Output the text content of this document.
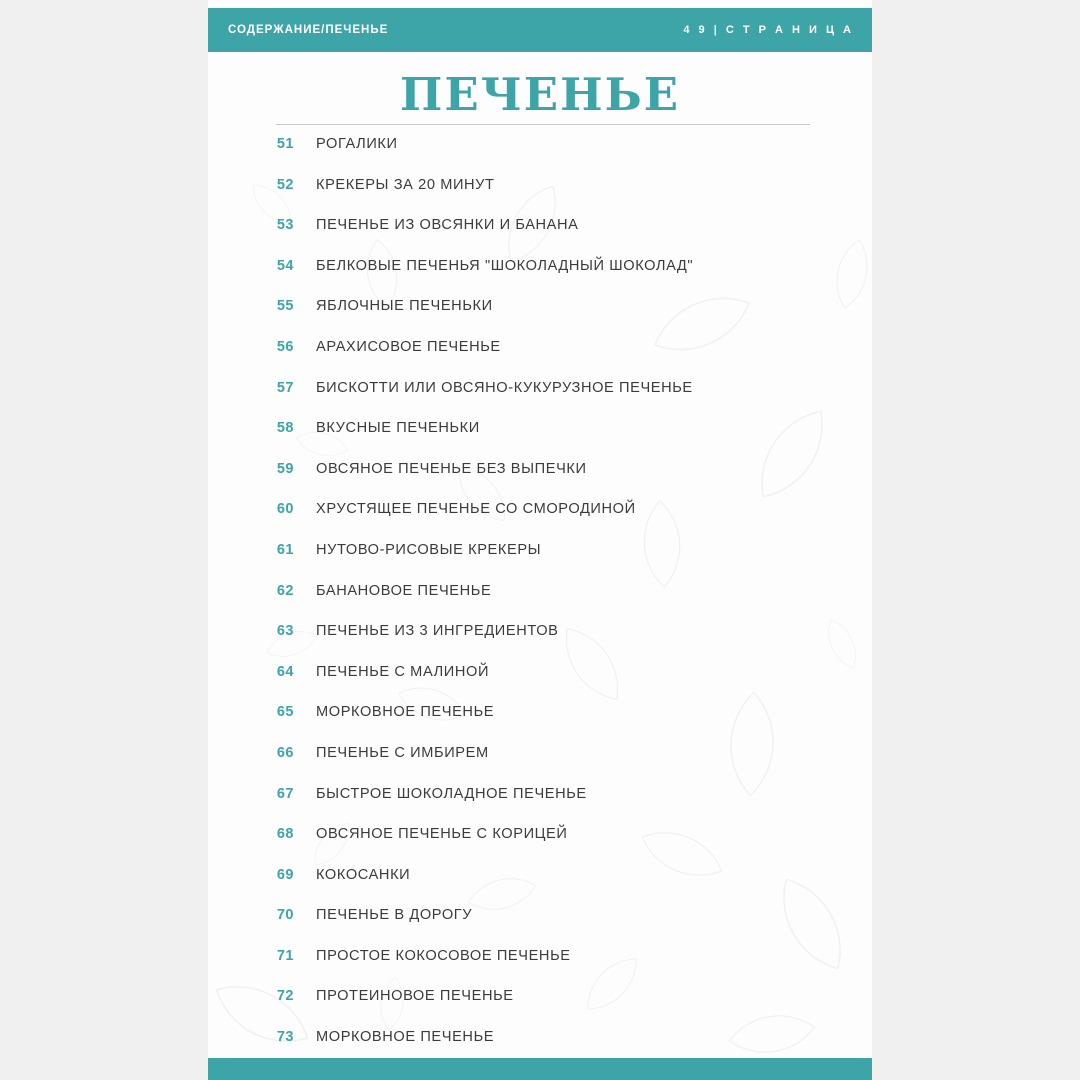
СОДЕРЖАНИЕ/ПЕЧЕНЬЕ	4 9 | С Т Р А Н И Ц А
ПЕЧЕНЬЕ
51	РОГАЛИКИ
52	КРЕКЕРЫ ЗА 20 МИНУТ
53	ПЕЧЕНЬЕ ИЗ ОВСЯНКИ И БАНАНА
54	БЕЛКОВЫЕ ПЕЧЕНЬЯ "ШОКОЛАДНЫЙ ШОКОЛАД"
55	ЯБЛОЧНЫЕ ПЕЧЕНЬКИ
56	АРАХИСОВОЕ ПЕЧЕНЬЕ
57	БИСКОТТИ ИЛИ ОВСЯНО-КУКУРУЗНОЕ ПЕЧЕНЬЕ
58	ВКУСНЫЕ ПЕЧЕНЬКИ
59	ОВСЯНОЕ ПЕЧЕНЬЕ БЕЗ ВЫПЕЧКИ
60	ХРУСТЯЩЕЕ ПЕЧЕНЬЕ СО СМОРОДИНОЙ
61	НУТОВО-РИСОВЫЕ КРЕКЕРЫ
62	БАНАНОВОЕ ПЕЧЕНЬЕ
63	ПЕЧЕНЬЕ ИЗ 3 ИНГРЕДИЕНТОВ
64	ПЕЧЕНЬЕ С МАЛИНОЙ
65	МОРКОВНОЕ ПЕЧЕНЬЕ
66	ПЕЧЕНЬЕ С ИМБИРЕМ
67	БЫСТРОЕ ШОКОЛАДНОЕ ПЕЧЕНЬЕ
68	ОВСЯНОЕ ПЕЧЕНЬЕ С КОРИЦЕЙ
69	КОКОСАНКИ
70	ПЕЧЕНЬЕ В ДОРОГУ
71	ПРОСТОЕ КОКОСОВОЕ ПЕЧЕНЬЕ
72	ПРОТЕИНОВОЕ ПЕЧЕНЬЕ
73	МОРКОВНОЕ ПЕЧЕНЬЕ
